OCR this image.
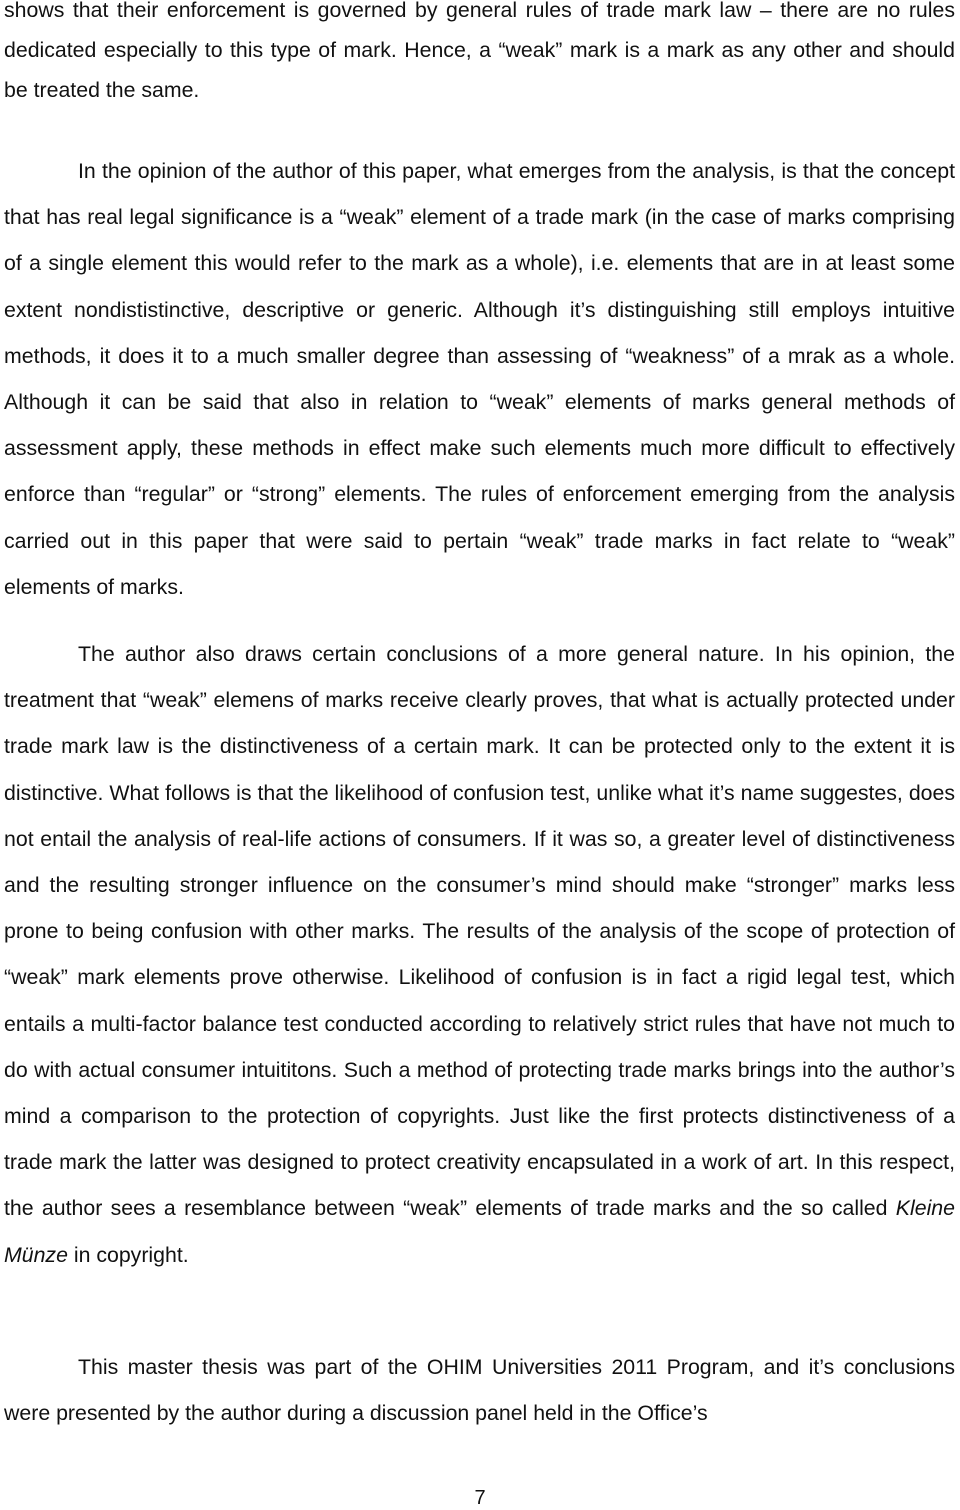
shows that their enforcement is governed by general rules of trade mark law – there are no rules dedicated especially to this type of mark. Hence, a “weak” mark is a mark as any other and should be treated the same.

In the opinion of the author of this paper, what emerges from the analysis, is that the concept that has real legal significance is a “weak” element of a trade mark (in the case of marks comprising of a single element this would refer to the mark as a whole), i.e. elements that are in at least some extent nondististinctive, descriptive or generic. Although it’s distinguishing still employs intuitive methods, it does it to a much smaller degree than assessing of “weakness” of a mrak as a whole. Although it can be said that also in relation to “weak” elements of marks general methods of assessment apply, these methods in effect make such elements much more difficult to effectively enforce than “regular” or “strong” elements. The rules of enforcement emerging from the analysis carried out in this paper that were said to pertain “weak” trade marks in fact relate to “weak” elements of marks.

The author also draws certain conclusions of a more general nature. In his opinion, the treatment that “weak” elemens of marks receive clearly proves, that what is actually protected under trade mark law is the distinctiveness of a certain mark. It can be protected only to the extent it is distinctive. What follows is that the likelihood of confusion test, unlike what it’s name suggestes, does not entail the analysis of real-life actions of consumers. If it was so, a greater level of distinctiveness and the resulting stronger influence on the consumer’s mind should make “stronger” marks less prone to being confusion with other marks. The results of the analysis of the scope of protection of “weak” mark elements prove otherwise. Likelihood of confusion is in fact a rigid legal test, which entails a multi-factor balance test conducted according to relatively strict rules that have not much to do with actual consumer intuititons. Such a method of protecting trade marks brings into the author’s mind a comparison to the protection of copyrights. Just like the first protects distinctiveness of a trade mark the latter was designed to protect creativity encapsulated in a work of art. In this respect, the author sees a resemblance between “weak” elements of trade marks and the so called Kleine Münze in copyright.

This master thesis was part of the OHIM Universities 2011 Program, and it’s conclusions were presented by the author during a discussion panel held in the Office’s

7
